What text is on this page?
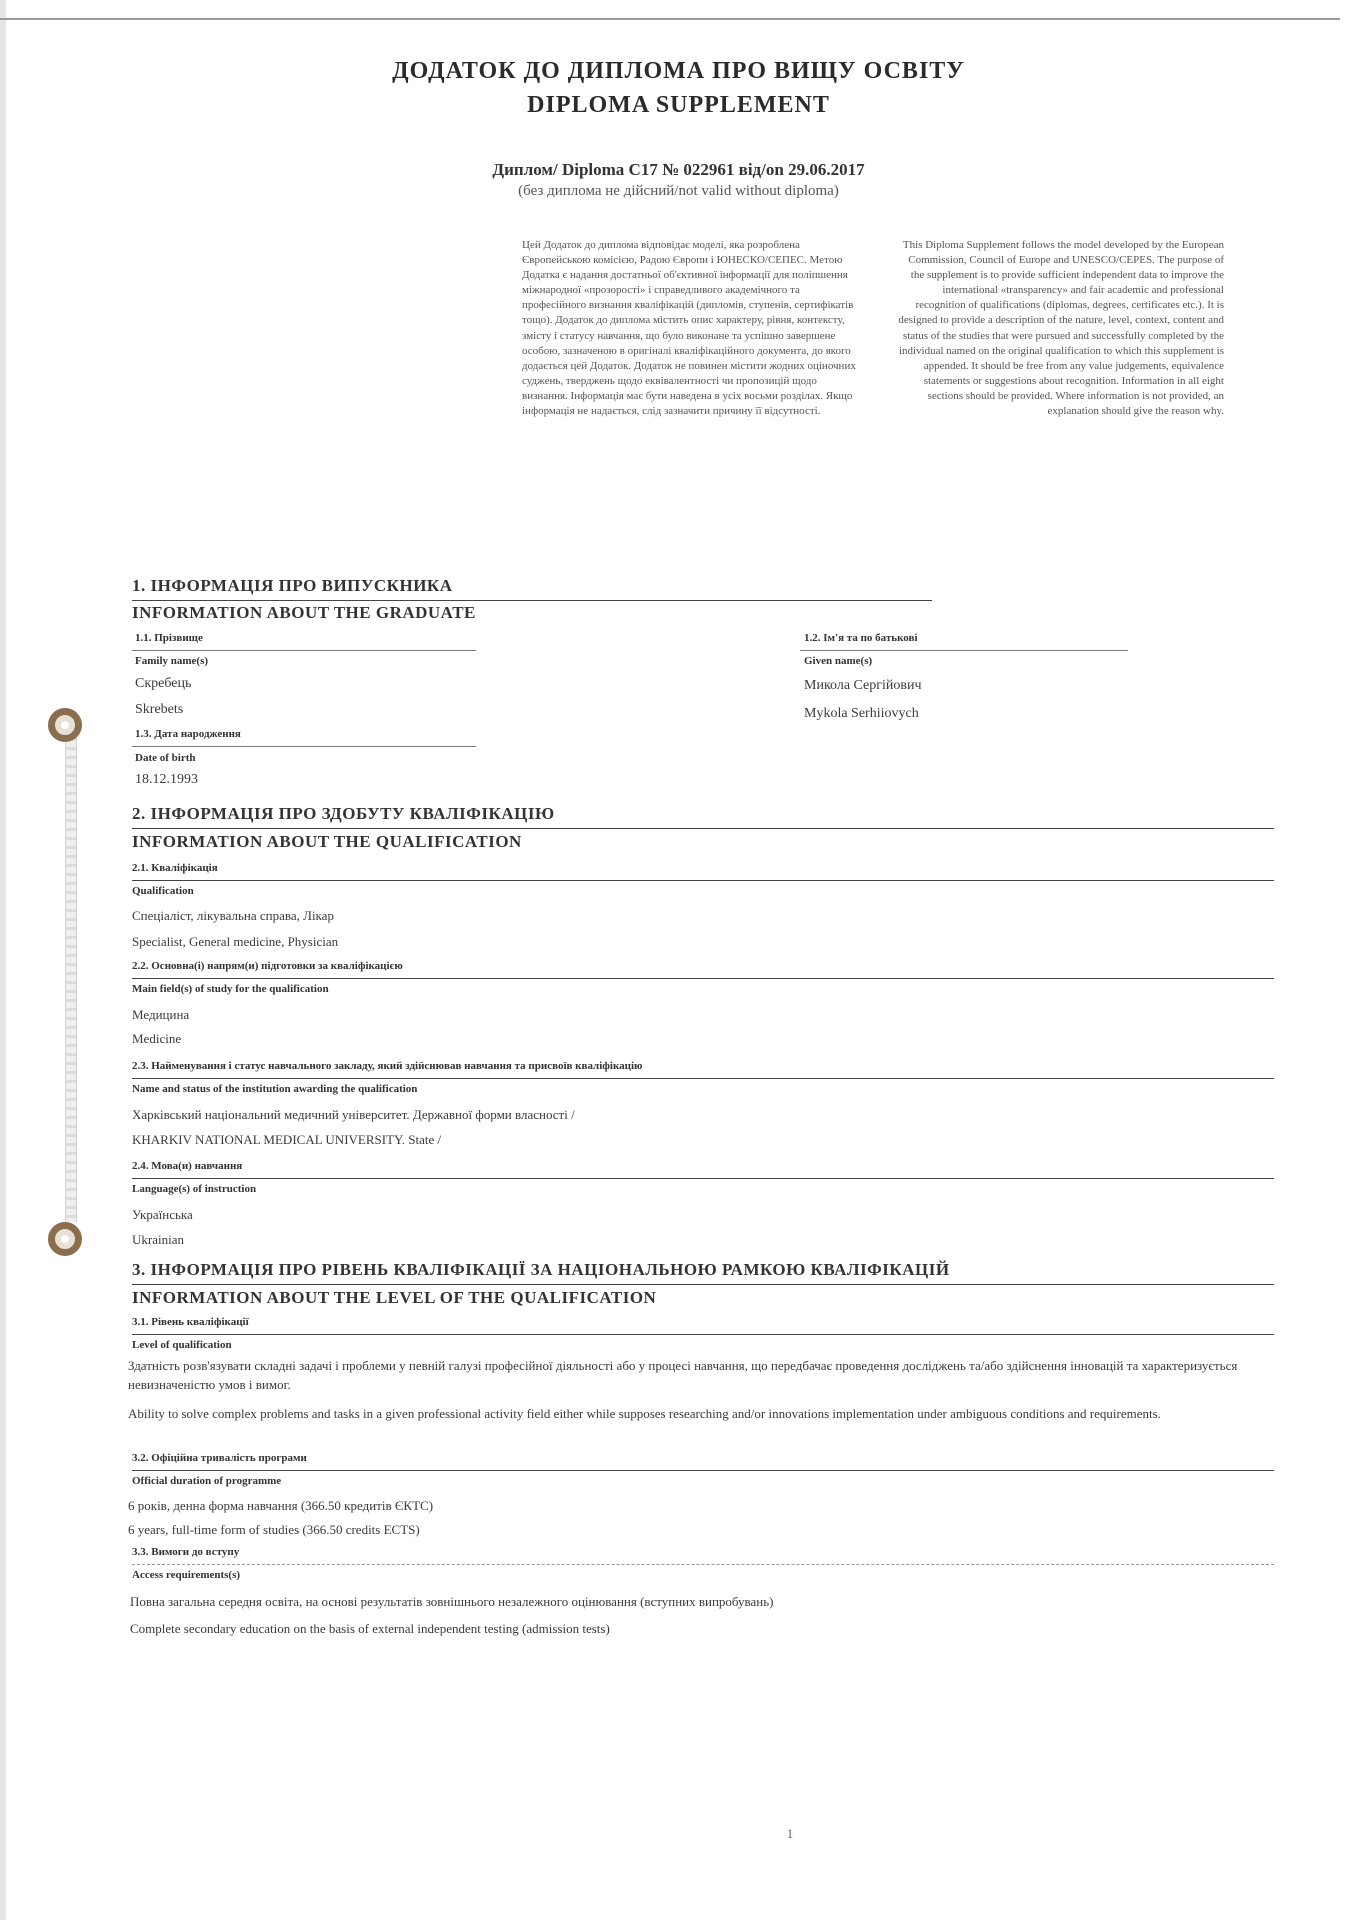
ДОДАТОК ДО ДИПЛОМА ПРО ВИЩУ ОСВІТУ
DIPLOMA SUPPLEMENT
Диплом/ Diploma С17 № 022961 від/on 29.06.2017
(без диплома не дійсний/not valid without diploma)
Цей Додаток до диплома відповідає моделі, яка розроблена Європейською комісією, Радою Європи і ЮНЕСКО/СЕПЕС. Метою Додатка є надання достатньої об'єктивної інформації для поліпшення міжнародної «прозорості» і справедливого академічного та професійного визнання кваліфікацій (дипломів, ступенів, сертифікатів тощо). Додаток до диплома містить опис характеру, рівня, контексту, змісту і статусу навчання, що було виконане та успішно завершене особою, зазначеною в оригіналі кваліфікаційного документа, до якого додається цей Додаток. Додаток не повинен містити жодних оціночних суджень, тверджень щодо еквівалентності чи пропозицій щодо визнання. Інформація має бути наведена в усіх восьми розділах. Якщо інформація не надається, слід зазначити причину її відсутності.
This Diploma Supplement follows the model developed by the European Commission, Council of Europe and UNESCO/CEPES. The purpose of the supplement is to provide sufficient independent data to improve the international «transparency» and fair academic and professional recognition of qualifications (diplomas, degrees, certificates etc.). It is designed to provide a description of the nature, level, context, content and status of the studies that were pursued and successfully completed by the individual named on the original qualification to which this supplement is appended. It should be free from any value judgements, equivalence statements or suggestions about recognition. Information in all eight sections should be provided. Where information is not provided, an explanation should give the reason why.
1. ІНФОРМАЦІЯ ПРО ВИПУСКНИКА
INFORMATION ABOUT THE GRADUATE
1.1. Прізвище
Family name(s)
Скребець
Skrebets
1.2. Ім'я та по батькові
Given name(s)
Микола Сергійович
Mykola Serhiiovych
1.3. Дата народження
Date of birth
18.12.1993
2. ІНФОРМАЦІЯ ПРО ЗДОБУТУ КВАЛІФІКАЦІЮ
INFORMATION ABOUT THE QUALIFICATION
2.1. Кваліфікація
Qualification
Спеціаліст, лікувальна справа, Лікар
Specialist, General medicine, Physician
2.2. Основна(і) напрям(и) підготовки за кваліфікацією
Main field(s) of study for the qualification
Медицина
Medicine
2.3. Найменування і статус навчального закладу, який здійснював навчання та присвоїв кваліфікацію
Name and status of the institution awarding the qualification
Харківський національний медичний університет. Державної форми власності /
KHARKIV NATIONAL MEDICAL UNIVERSITY. State /
2.4. Мова(и) навчання
Language(s) of instruction
Українська
Ukrainian
3. ІНФОРМАЦІЯ ПРО РІВЕНЬ КВАЛІФІКАЦІЇ ЗА НАЦІОНАЛЬНОЮ РАМКОЮ КВАЛІФІКАЦІЙ
INFORMATION ABOUT THE LEVEL OF THE QUALIFICATION
3.1. Рівень кваліфікації
Level of qualification
Здатність розв'язувати складні задачі і проблеми у певній галузі професійної діяльності або у процесі навчання, що передбачає проведення досліджень та/або здійснення інновацій та характеризується невизначеністю умов і вимог.
Ability to solve complex problems and tasks in a given professional activity field either while supposes researching and/or innovations implementation under ambiguous conditions and requirements.
3.2. Офіційна тривалість програми
Official duration of programme
6 років, денна форма навчання (366.50 кредитів ЄКТС)
6 years, full-time form of studies (366.50 credits ECTS)
3.3. Вимоги до вступу
Access requirements(s)
Повна загальна середня освіта, на основі результатів зовнішнього незалежного оцінювання (вступних випробувань)
Complete secondary education on the basis of external independent testing (admission tests)
1
